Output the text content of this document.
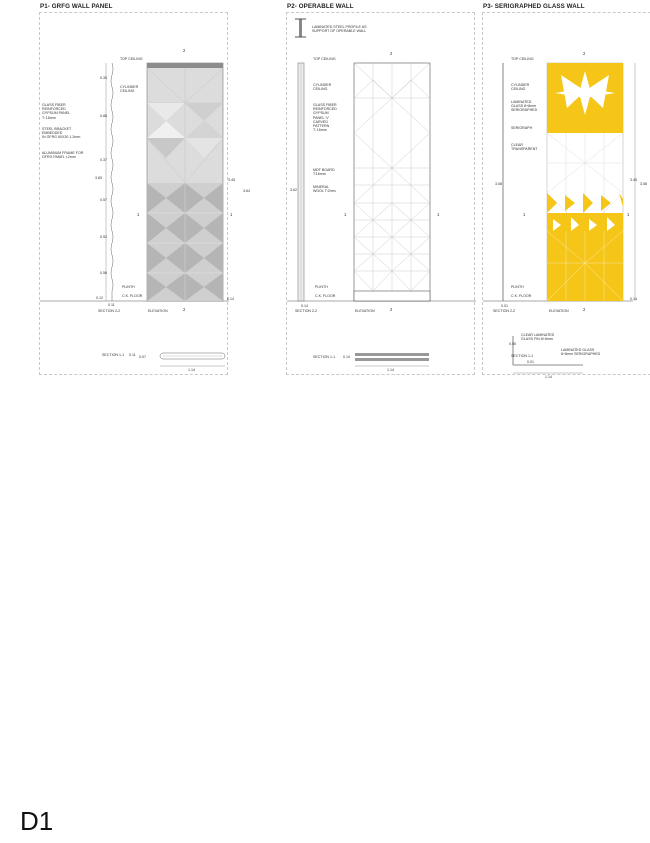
P1- GRFG WALL PANEL
TOP CEILING
CYLINDER
CEILING
GLASS FIBER
REINFORCED
GYPSUM PANEL
T: 16mm
STEEL BRACKET
EMBEDDED
IN GFRG 60X30 1.2mm
ALUMINUM FRAME FOR
GFRG PANEL t.2mm
PLINTH
C.K. FLOOR
SECTION 2-2	ELEVATION
SECTION 1-1
0.35
0.88
0.37
3.65
0.57
0.52
0.56
0.12
0.11
3.45
3.64
0.14
0.11 0.07
1.14
2
2
1	1
P2- OPERABLE WALL
LAMINATED STEEL PROFILE AS
SUPPORT OF OPERABLE WALL
TOP CEILING
CYLINDER
CEILING
GLASS FIBER
REINFORCED
GYPSUM
PANEL 'V'
CARVED
PATTERN
T: 16mm
MDF BOARD
T:16mm
MINERAL
WOOL T:2mm
PLINTH
C.K. FLOOR
SECTION 2-2	ELEVATION
SECTION 1-1
3.62
0.14
0.14
1.14
2
2
1	1
P3- SERIGRAPHED GLASS WALL
TOP CEILING
CYLINDER
CEILING
LAMINATED
GLASS 8+8mm
SERIGRAPHED
SERIGRAPH
CLEAR
TRANSPARENT
PLINTH
C.K. FLOOR
SECTION 2-2	ELEVATION
CLEAR LAMINATED
GLASS FIN 8+8mm
LAMINATED GLASS
8+8mm SERIGRAPHED
SECTION 1-1
3.58
3.45
3.58
0.14
0.01
0.55
0.01
1.14
2
2
1	1
D1
